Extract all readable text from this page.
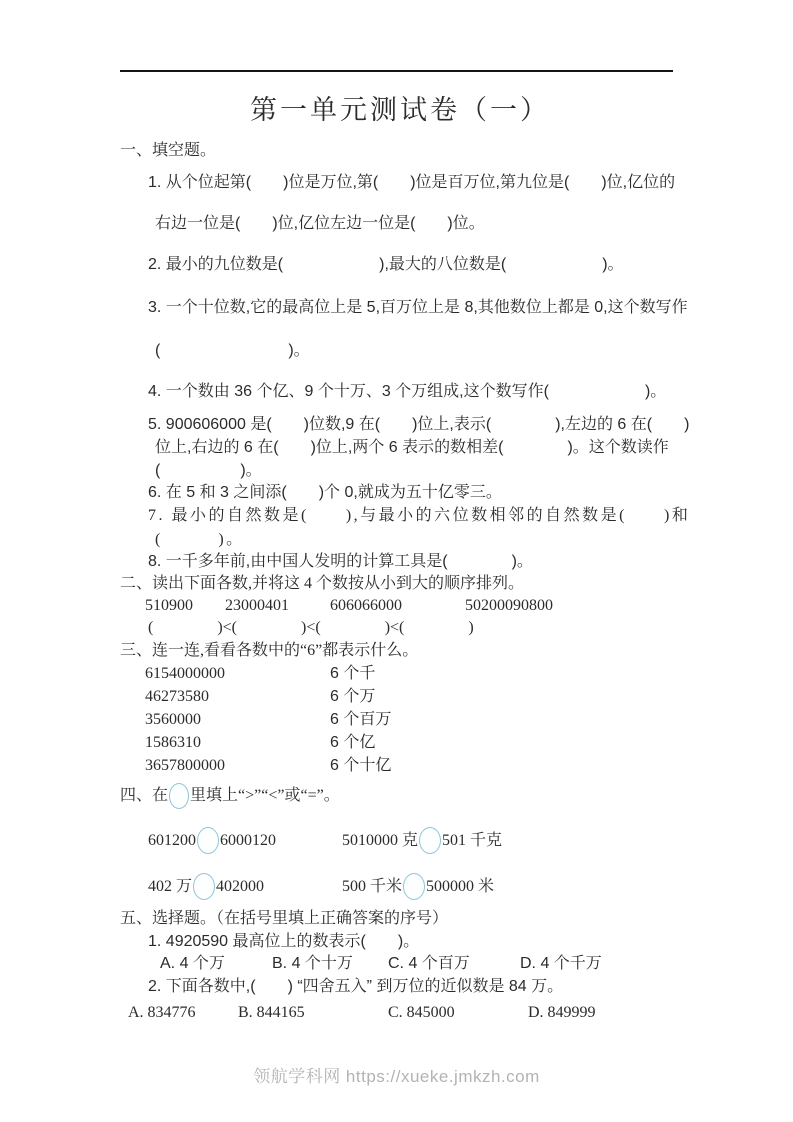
第一单元测试卷（一）
一、填空题。
1. 从个位起第(　　)位是万位,第(　　)位是百万位,第九位是(　　)位,亿位的
右边一位是(　　)位,亿位左边一位是(　　)位。
2. 最小的九位数是(　　　　　　),最大的八位数是(　　　　　　)。
3. 一个十位数,它的最高位上是 5,百万位上是 8,其他数位上都是 0,这个数写作
(　　　　　　　　)。
4. 一个数由 36 个亿、9 个十万、3 个万组成,这个数写作(　　　　　　)。
5. 900606000 是(　　)位数,9 在(　　)位上,表示(　　　　),左边的 6 在(　　)
位上,右边的 6 在(　　)位上,两个 6 表示的数相差(　　　　)。这个数读作
(　　　　　)。
6. 在 5 和 3 之间添(　　)个 0,就成为五十亿零三。
7. 最小的自然数是(　　),与最小的六位数相邻的自然数是(　　)和
(　　　)。
8. 一千多年前,由中国人发明的计算工具是(　　　　)。
二、读出下面各数,并将这 4 个数按从小到大的顺序排列。
510900	23000401	606066000	50200090800
(　　　　)<(　　　　)<(　　　　)<(　　　　)
三、连一连,看看各数中的“6”都表示什么。
6154000000	6 个千
46273580	6 个万
3560000	6 个百万
1586310	6 个亿
3657800000	6 个十亿
四、在 里填上“>”“<”或“=”。
601200 6000120	5010000 克 501 千克
402 万 402000	500 千米 500000 米
五、选择题。（在括号里填上正确答案的序号）
1. 4920590 最高位上的数表示(　　)。
A. 4 个万	B. 4 个十万	C. 4 个百万	D. 4 个千万
2. 下面各数中,(　　) “四舍五入” 到万位的近似数是 84 万。
A. 834776	B. 844165	C. 845000	D. 849999
领航学科网 https://xueke.jmkzh.com
